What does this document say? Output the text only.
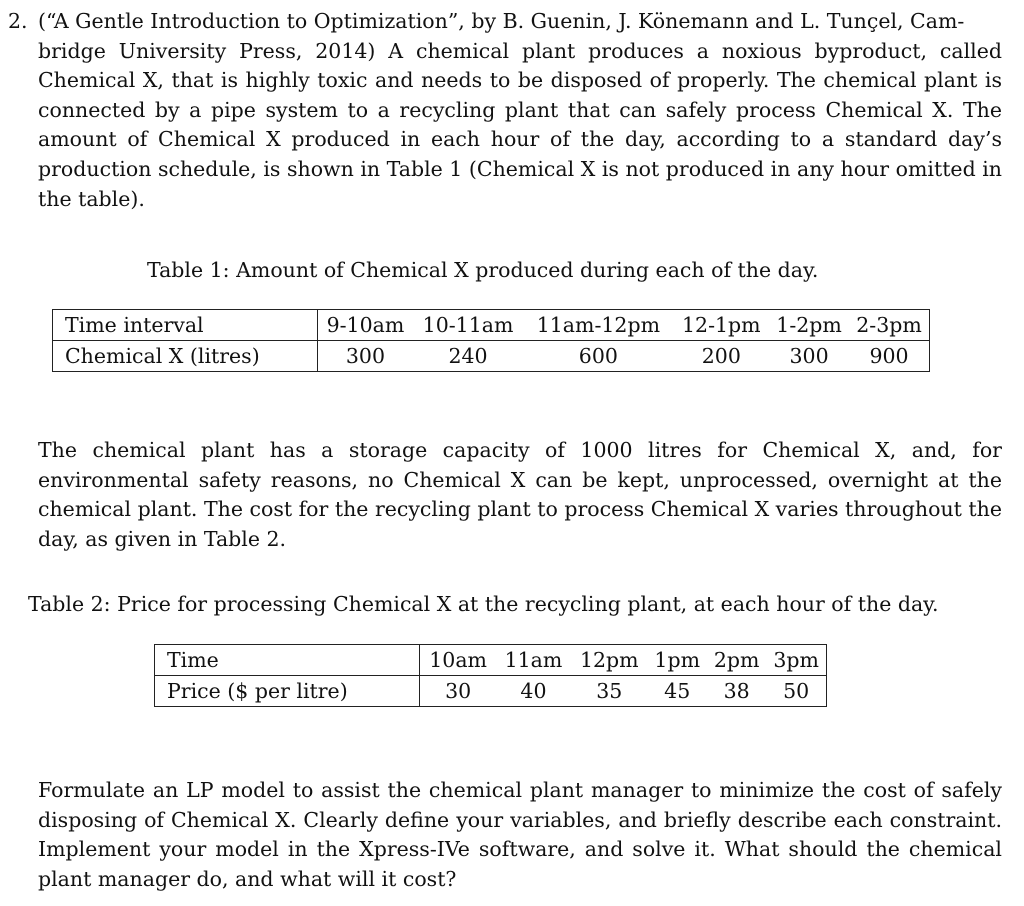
2. (“A Gentle Introduction to Optimization”, by B. Guenin, J. Könemann and L. Tunçel, Cam-
bridge University Press, 2014) A chemical plant produces a noxious byproduct, called Chemical X, that is highly toxic and needs to be disposed of properly. The chemical plant is connected by a pipe system to a recycling plant that can safely process Chemical X. The amount of Chemical X produced in each hour of the day, according to a standard day’s production schedule, is shown in Table 1 (Chemical X is not produced in any hour omitted in the table).
Table 1: Amount of Chemical X produced during each of the day.
Time interval	9-10am	10-11am	11am-12pm	12-1pm	1-2pm	2-3pm
Chemical X (litres)	300	240	600	200	300	900
The chemical plant has a storage capacity of 1000 litres for Chemical X, and, for environmental safety reasons, no Chemical X can be kept, unprocessed, overnight at the chemical plant. The cost for the recycling plant to process Chemical X varies throughout the day, as given in Table 2.
Table 2: Price for processing Chemical X at the recycling plant, at each hour of the day.
Time	10am	11am	12pm	1pm	2pm	3pm
Price ($ per litre)	30	40	35	45	38	50
Formulate an LP model to assist the chemical plant manager to minimize the cost of safely disposing of Chemical X. Clearly define your variables, and briefly describe each constraint. Implement your model in the Xpress-IVe software, and solve it. What should the chemical plant manager do, and what will it cost?
